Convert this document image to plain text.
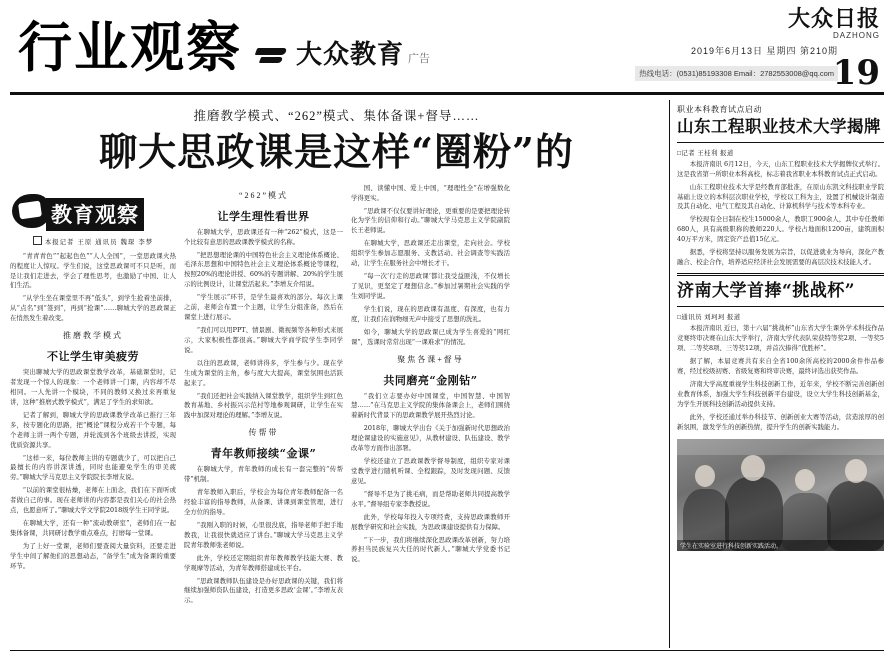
行业观察 大众教育 广告
大众日报
DAZHONG
2019年6月13日 星期四 第210期
热线电话：(0531)85193308 Email：2782553008@qq.com
19
推磨教学模式、“262”模式、集体备课+督导……
聊大思政课是这样“圈粉”的
教育观察
本报记者 王原 通讯员 魏琛 李梦

“青青青色”“起起色色”“人人全国”，一堂思政课火热的程度让人惊叹。学生们说，这堂思政课可不只是听，而是让我们走进去，学会了理性思考，也激励了中国、让人们生活。

“从学生坐在课堂里不再“低头”，到学生抢着坐前排，从“点名”到“签到”，再到“抢课”……聊城大学的思政课正在悄然发生着改变。

推磨教学模式
不让学生审美疲劳

突出聊城大学的思政课堂教学改革，基础课堂时，记者发现一个惊人的现象：一个老师讲一门课，内容却不尽相同。一人先讲一个模块，不同的教师又换过来再重复讲，这种“推磨式教学模式”，满足了学生的求知欲。

记者了解到，聊城大学的思政课教学改革已推行三年多，按专题化的思路，把“概论”课程分成若干个专题，每个老师主讲一两个专题，并轮流到各个班级去讲授，实现优质资源共享。

“这样一来，每位教师主讲的专题就少了，可以把自己最擅长的内容讲深讲透，同时也能避免学生的审美疲劳。”聊城大学马克思主义学院院长李增友说。

“以前的课堂很枯燥，老师在上面念，我们在下面听或者做自己的事。现在老师讲的内容都是我们关心的社会热点，也愿意听了。”聊城大学文学院2018级学生王同学说。

在聊城大学，还有一种“流动教研室”，老师们在一起集体备课，共同研讨教学重点难点，打磨每一堂课。

为了上好一堂课，老师们要查阅大量资料，还要走进学生中间了解他们的思想动态，“备学生”成为备课的重要环节。

“262”模式
让学生理性看世界

在聊城大学，思政课还有一种“262”模式，这是一个比较有意思的思政课教学模式的名称。

“把思想理论课的中国特色社会主义理论体系概论、毛泽东思想和中国特色社会主义理论体系概论等课程，按照20%的理论讲授、60%的专题讲解、20%的学生展示的比例设计，让课堂活起来。”李增友介绍说。

“学生展示”环节，是学生最喜欢的部分。每次上课之前，老师会布置一个主题，让学生分组准备，然后在课堂上进行展示。

“我们可以用PPT、情景剧、微视频等各种形式来展示，大家积极性都很高。”聊城大学商学院学生李同学说。

以往的思政课，老师讲得多，学生参与少。现在学生成为课堂的主角，参与度大大提高，课堂氛围也活跃起来了。

“我们还把社会实践纳入课堂教学，组织学生到红色教育基地、乡村振兴示范村等地参观调研，让学生在实践中加深对理论的理解。”李增友说。

传帮带
青年教师接续“金课”

在聊城大学，青年教师的成长有一套完整的“传帮带”机制。

青年教师入职后，学校会为每位青年教师配备一名经验丰富的指导教师，从备课、讲课到课堂管理，进行全方位的指导。

“我刚入职的时候，心里很没底，指导老师手把手地教我，让我很快就适应了讲台。”聊城大学马克思主义学院青年教师张老师说。

此外，学校还定期组织青年教师教学技能大赛、教学观摩等活动，为青年教师搭建成长平台。

“思政课教师队伍建设是办好思政课的关键，我们将继续加强师资队伍建设，打造更多思政‘金课’。”李增友表示。

国、读懂中国、爱上中国，“理理性全”在增强数化学得更实。

“思政课不仅仅要讲好理论，更重要的是要把理论转化为学生的信仰和行动。”聊城大学马克思主义学院副院长王老师说。

在聊城大学，思政课还走出课堂，走向社会。学校组织学生参加志愿服务、支教活动、社会调查等实践活动，让学生在服务社会中增长才干。

“每一次‘行走的思政课’都让我受益匪浅，不仅增长了见识，更坚定了理想信念。”参加过暑期社会实践的学生刘同学说。

学生们说，现在的思政课有温度、有深度，也有力度，让我们在润物细无声中接受了思想的洗礼。

如今，聊城大学的思政课已成为学生喜爱的“网红课”，选课时常常出现“一课难求”的情况。

聚焦各课+督导
共同磨亮“金刚钻”

“我们立志要办好中国课堂，中国智慧、中国智慧……”在马克思主义学院的集体备课会上，老师们围绕着新时代背景下的思政课教学展开热烈讨论。

2018年，聊城大学出台《关于加强新时代思想政治理论课建设的实施意见》，从教材建设、队伍建设、教学改革等方面作出部署。

学校还建立了思政课教学督导制度，组织专家对课堂教学进行随机听课、全程跟踪，及时发现问题、反馈意见。

“督导不是为了挑毛病，而是帮助老师共同提高教学水平。”督导组专家李教授说。

此外，学校每年投入专项经费，支持思政课教师开展教学研究和社会实践，为思政课建设提供有力保障。

“下一步，我们将继续深化思政课改革创新，努力培养担当民族复兴大任的时代新人。”聊城大学党委书记说。

职业本科教育试点启动
山东工程职业技术大学揭牌
□记者 王桂利 报道

本报济南讯 6月12日，今天，山东工程职业技术大学揭牌仪式举行。这是我省第一所职业本科高校，标志着我省职业本科教育试点正式启动。

山东工程职业技术大学是经教育部批准，在原山东凯文科技职业学院基础上设立的本科层次职业学校，学校以工科为主，设置了机械设计制造及其自动化、电气工程及其自动化、计算机科学与技术等本科专业。

学校现有全日制在校生15000余人，教职工900余人，其中专任教师680人，具有高级职称的教师220人。学校占地面积1200亩，建筑面积40万平方米，固定资产总值15亿元。

据悉，学校将坚持以服务发展为宗旨，以促进就业为导向，深化产教融合、校企合作，培养适应经济社会发展需要的高层次技术技能人才。

济南大学首捧“挑战杯”
□通讯员 刘珂珂 报道

本报济南讯 近日，第十六届“挑战杯”山东省大学生课外学术科技作品竞赛终审决赛在山东大学举行，济南大学代表队荣获特等奖2项、一等奖5项、二等奖8项、三等奖12项，并首次捧得“优胜杯”。

据了解，本届竞赛共有来自全省100余所高校的2000余件作品参赛，经过校级初赛、省级复赛和终审决赛，最终评选出获奖作品。

济南大学高度重视学生科技创新工作，近年来，学校不断完善创新创业教育体系，加强大学生科技创新平台建设，设立大学生科技创新基金，为学生开展科技创新活动提供支持。

此外，学校还通过举办科技节、创新创业大赛等活动，营造浓厚的创新氛围，激发学生的创新热情，提升学生的创新实践能力。

学生在实验室进行科技创新实践活动。
